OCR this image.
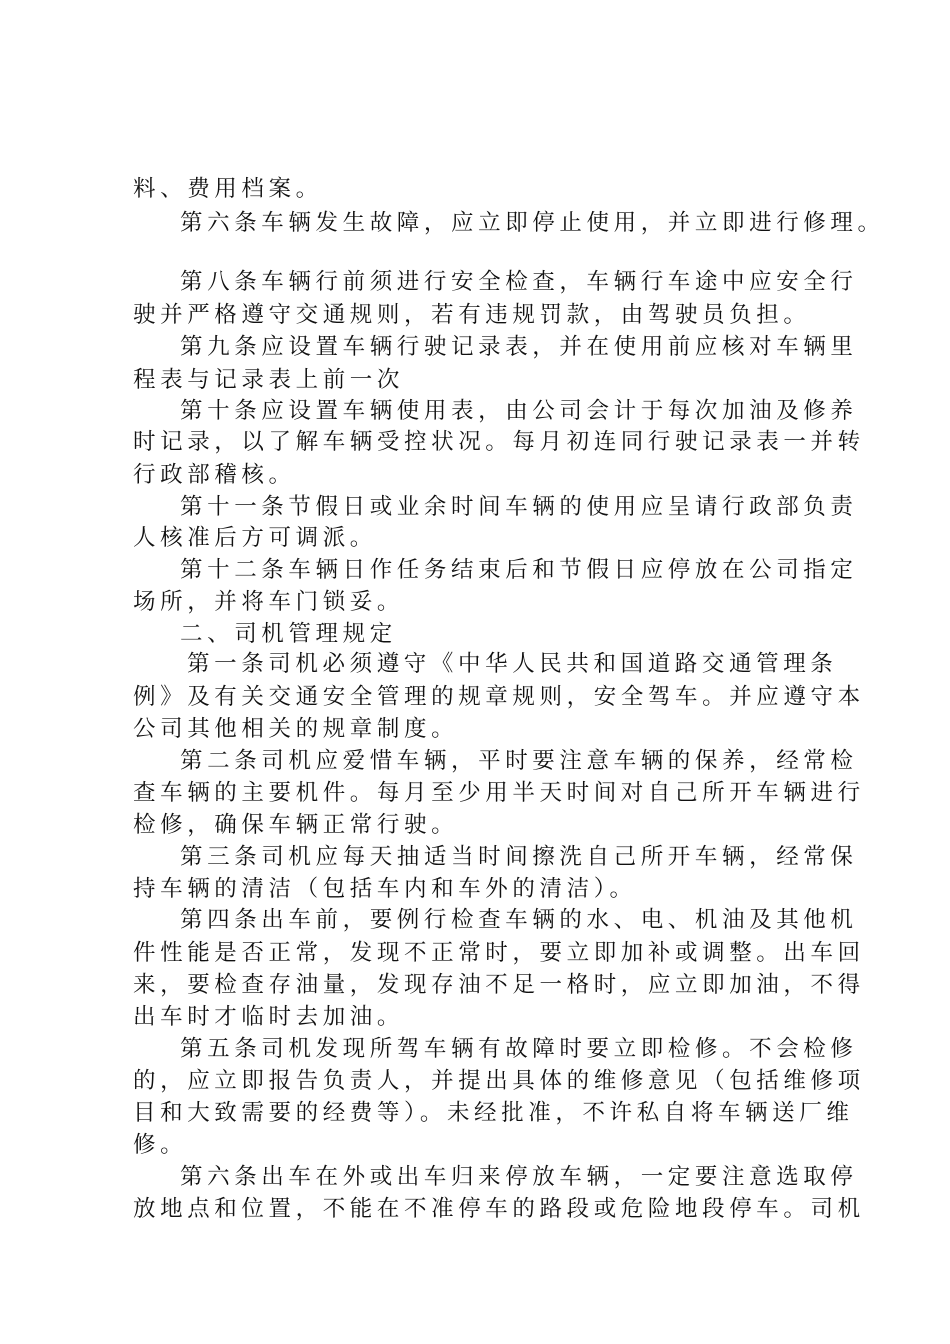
料、费用档案。
第六条车辆发生故障，应立即停止使用，并立即进行修理。
第八条车辆行前须进行安全检查，车辆行车途中应安全行
驶并严格遵守交通规则，若有违规罚款，由驾驶员负担。
第九条应设置车辆行驶记录表，并在使用前应核对车辆里
程表与记录表上前一次
第十条应设置车辆使用表，由公司会计于每次加油及修养
时记录，以了解车辆受控状况。每月初连同行驶记录表一并转
行政部稽核。
第十一条节假日或业余时间车辆的使用应呈请行政部负责
人核准后方可调派。
第十二条车辆日作任务结束后和节假日应停放在公司指定
场所，并将车门锁妥。
二、司机管理规定
第一条司机必须遵守《中华人民共和国道路交通管理条
例》及有关交通安全管理的规章规则，安全驾车。并应遵守本
公司其他相关的规章制度。
第二条司机应爱惜车辆，平时要注意车辆的保养，经常检
查车辆的主要机件。每月至少用半天时间对自己所开车辆进行
检修，确保车辆正常行驶。
第三条司机应每天抽适当时间擦洗自己所开车辆，经常保
持车辆的清洁（包括车内和车外的清洁）。
第四条出车前，要例行检查车辆的水、电、机油及其他机
件性能是否正常，发现不正常时，要立即加补或调整。出车回
来，要检查存油量，发现存油不足一格时，应立即加油，不得
出车时才临时去加油。
第五条司机发现所驾车辆有故障时要立即检修。不会检修
的，应立即报告负责人，并提出具体的维修意见（包括维修项
目和大致需要的经费等）。未经批准，不许私自将车辆送厂维
修。
第六条出车在外或出车归来停放车辆，一定要注意选取停
放地点和位置，不能在不准停车的路段或危险地段停车。司机
